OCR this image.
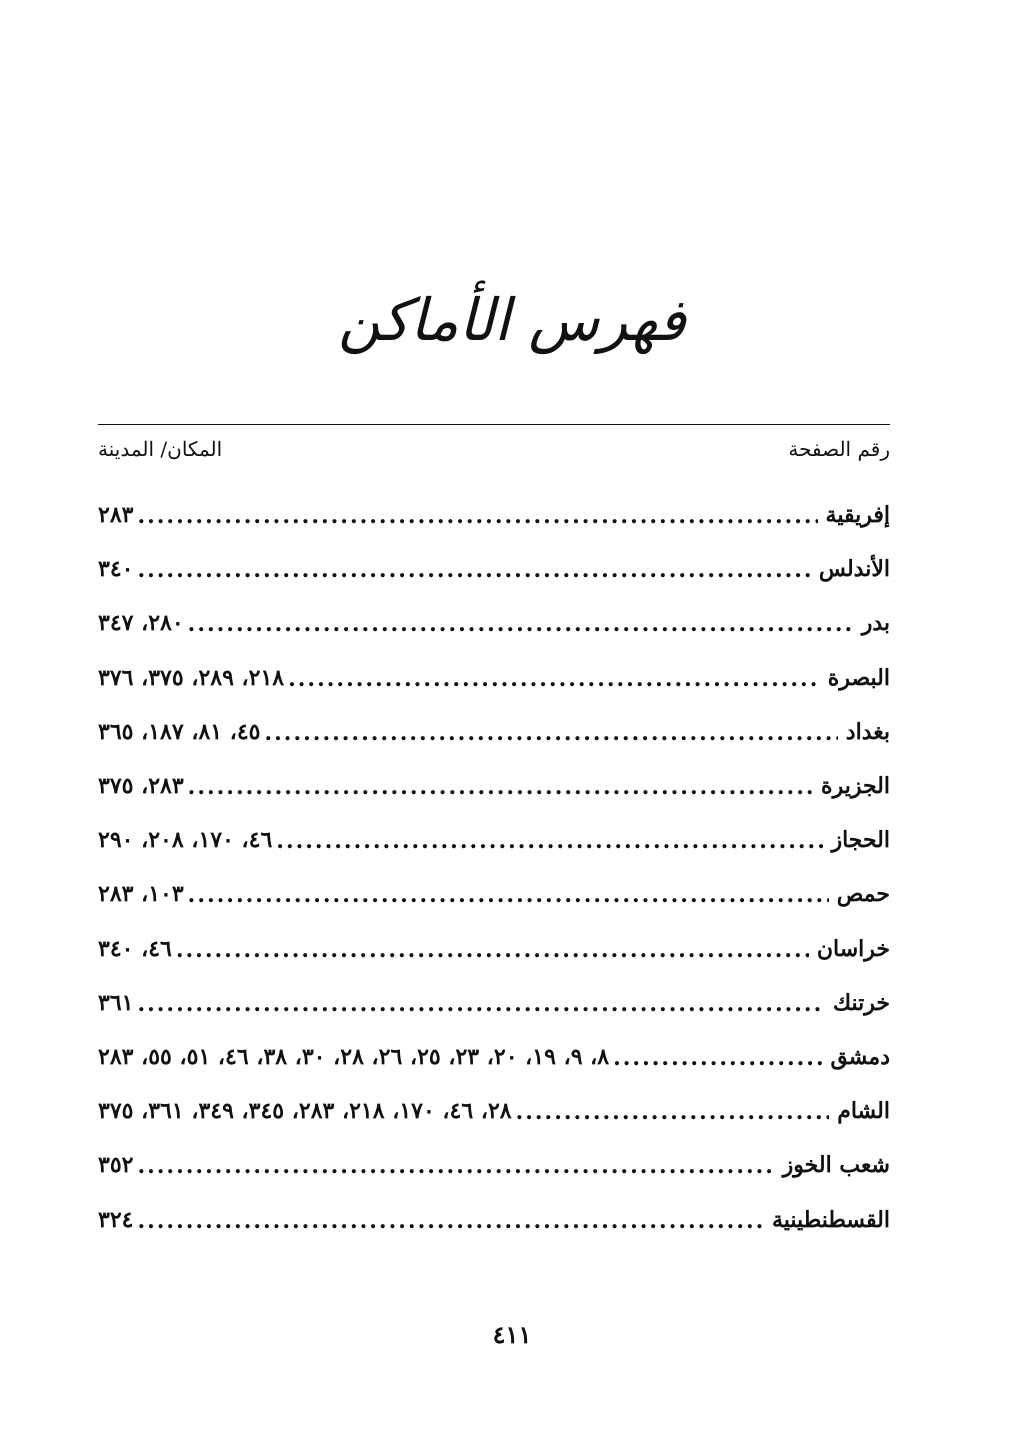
فهرس الأماكن
المكان/ المدينة	رقم الصفحة
إفريقية
.....
٢٨٣
الأندلس
.....
٣٤٠
بدر
.....
٢٨٠، ٣٤٧
البصرة
.....
٢١٨، ٢٨٩، ٣٧٥، ٣٧٦
بغداد
.....
٤٥، ٨١، ١٨٧، ٣٦٥
الجزيرة
.....
٢٨٣، ٣٧٥
الحجاز
.....
٤٦، ١٧٠، ٢٠٨، ٢٩٠
حمص
.....
١٠٣، ٢٨٣
خراسان
.....
٤٦، ٣٤٠
خرتنك
.....
٣٦١
دمشق
.....
٨، ٩، ١٩، ٢٠، ٢٣، ٢٥، ٢٦، ٢٨، ٣٠، ٣٨، ٤٦، ٥١، ٥٥، ٢٨٣
الشام
.....
٢٨، ٤٦، ١٧٠، ٢١٨، ٢٨٣، ٣٤٥، ٣٤٩، ٣٦١، ٣٧٥
شعب الخوز
.....
٣٥٢
القسطنطينية
.....
٣٢٤
٤١١
